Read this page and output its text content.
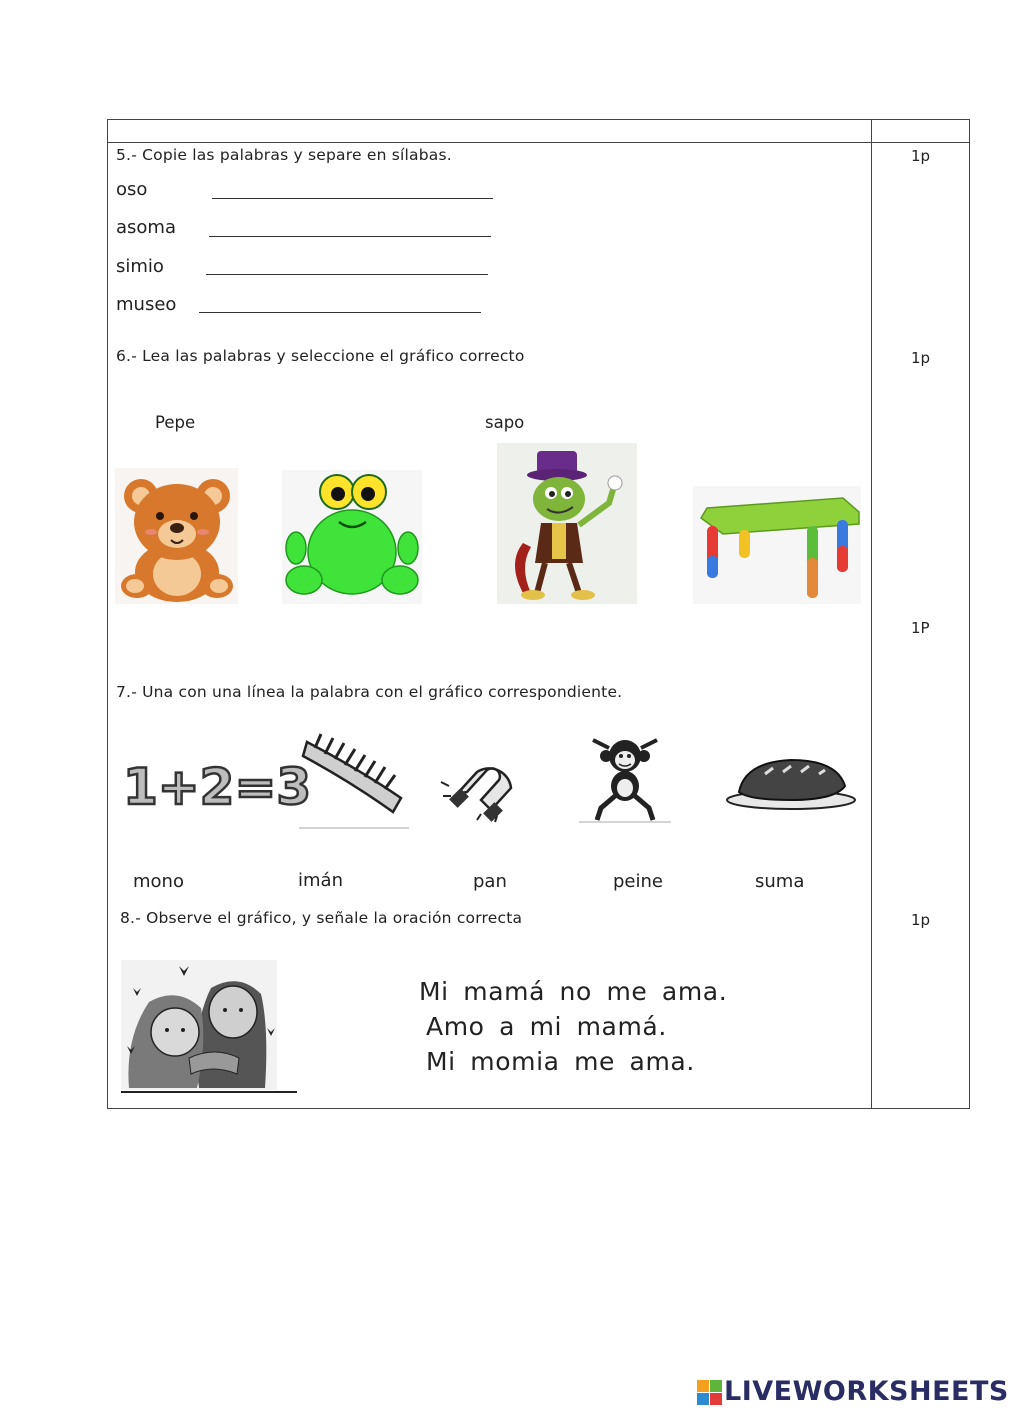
5.- Copie las palabras y separe en sílabas.	1p
oso
asoma
simio
museo
6.- Lea las palabras y seleccione el gráfico correcto	1p
Pepe	sapo
1P
7.- Una con una línea la palabra con el gráfico correspondiente.
1+2=3
mono	imán	pan	peine	suma
8.- Observe el gráfico, y señale la oración correcta	1p
Mi mamá no me ama.
Amo a mi mamá.
Mi momia me ama.
LIVEWORKSHEETS
